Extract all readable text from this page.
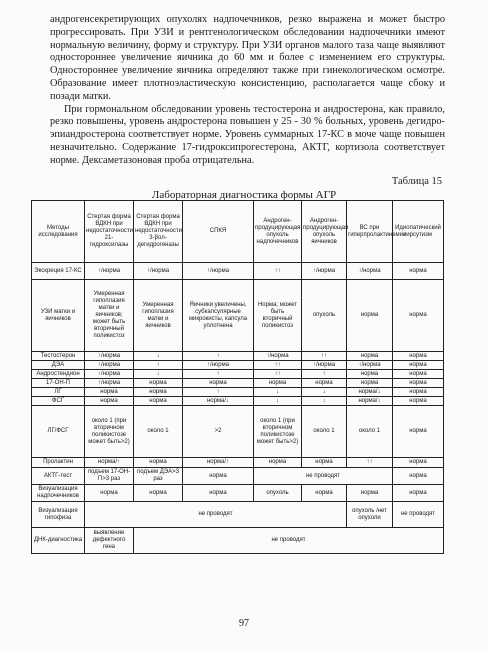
андрогенсекретирующих опухолях надпочечников, резко выражена и может быстро прогрессировать. При УЗИ и рентгенологическом обследовании надпочечники имеют нормальную величину, форму и структуру. При УЗИ органов малого таза чаще выявляют одностороннее увеличение яичника до 60 мм и более с изменением его структуры. Одностороннее увеличение яичника определяют также при гинекологическом осмотре. Образование имеет плотноэластическую консистенцию, располагается чаще сбоку и позади матки.

При гормональном обследовании уровень тестостерона и андростерона, как правило, резко повышены, уровень андростерона повышен у 25 - 30 % больных, уровень дегидро-эпиандростерона соответствует норме. Уровень суммарных 17-КС в моче чаще повышен незначительно. Содержание 17-гидроксипрогестерона, АКТГ, кортизола соответствует норме. Дексаметазоновая проба отрицательна.

Таблица 15
Лабораторная диагностика формы АГР
Методы исследования	Стертая форма ВДКН при недостаточности 21-гидроксилазы	Стертая форма ВДКН при недостаточности 3-βол-дегидрогеназы	СПКЯ	Андроген-продуцирующая опухоль надпочечников	Андроген-продуцирующая опухоль яичников	ВС при гиперпролактинемии	Идиопатический гирсутизм
Экскреция 17-КС	↑/норма	↑/норма	↑/норма	↑↑	↑/норма	↑/норма	норма
УЗИ матки и яичников	Умеренная гипоплазия матки и яичников; может быть вторичный поликистоз	Умеренная гипоплазия матки и яичников	Яичники увеличены, субкапсулярные микрокисты, капсула уплотнена	Норма; может быть вторичный поликистоз	опухоль	норма	норма
Тестостерон	↑/норма	↓	↑	↑/норма	↑↑	норма	норма
ДЭА	↑/норма	↑	↑/норма	↑↑	↑/норма	↑/норма	норма
Андростендион	↑/норма	↓	↑	↑↑	↑	норма	норма
17-ОН-П	↑/норма	норма	норма	норма	норма	норма	норма
ЛГ	норма	норма	↑	↓	↓	норма/↓	норма
ФСГ	норма	норма	норма/↓	↓	↓	норма/↓	норма
ЛГ/ФСГ	около 1 (при вторичном поликистозе может быть>2)	около 1	>2	около 1 (при вторичном поликистозе может быть>2)	около 1	около 1	норма
Пролактин	норма/↑	норма	норма/↑	норма	норма	↑↑	норма
АКТГ-тест	подъем 17-ОН-П>3 раз	подъем ДЭА>3 раз	норма	не проводят			норма
Визуализация надпочечников	норма	норма	норма	опухоль	норма	норма	норма
Визуализация гипофиза	не проводят					опухоль /нет опухоли	не проводят
ДНК-диагностика	выявление дефектного гена	не проводят					
97
